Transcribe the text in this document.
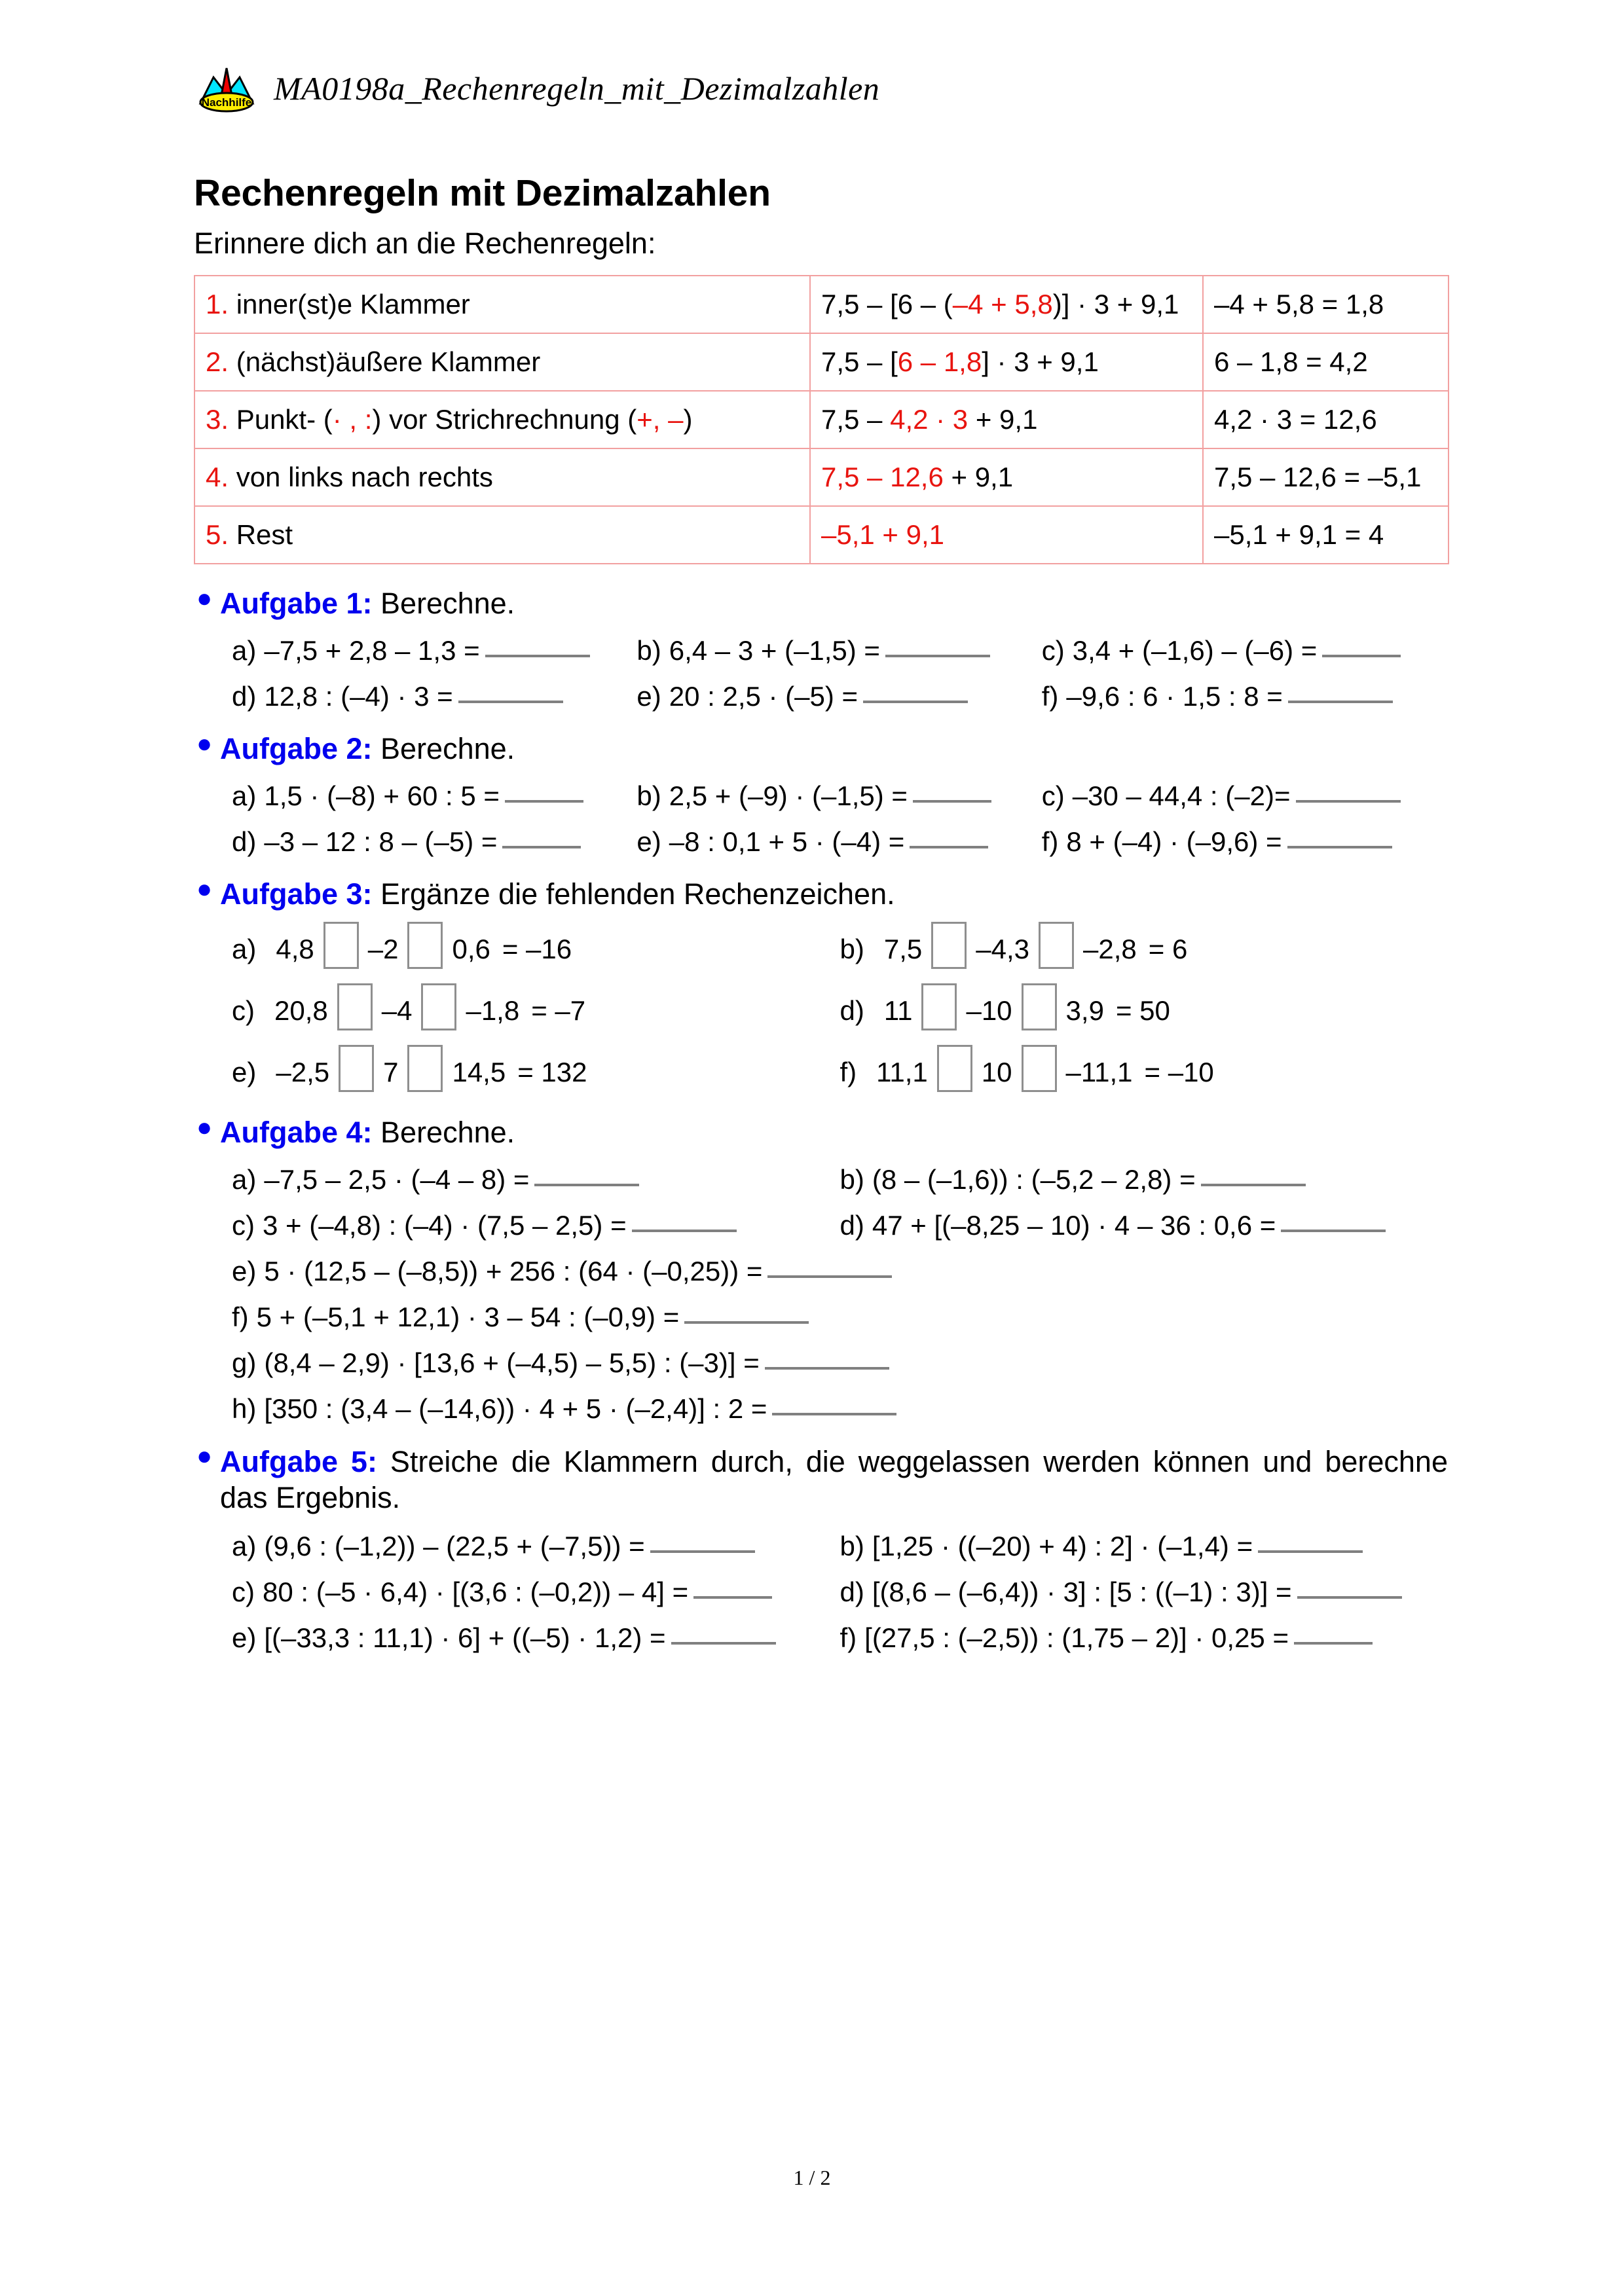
Nachhilfe MA0198a_Rechenregeln_mit_Dezimalzahlen
Rechenregeln mit Dezimalzahlen
Erinnere dich an die Rechenregeln:
1. inner(st)e Klammer	7,5 – [6 – (–4 + 5,8)] · 3 + 9,1	–4 + 5,8 = 1,8
2. (nächst)äußere Klammer	7,5 – [6 – 1,8] · 3 + 9,1	6 – 1,8 = 4,2
3. Punkt- (· , :) vor Strichrechnung (+, –)	7,5 – 4,2 · 3 + 9,1	4,2 · 3 = 12,6
4. von links nach rechts	7,5 – 12,6 + 9,1	7,5 – 12,6 = –5,1
5. Rest	–5,1 + 9,1	–5,1 + 9,1 = 4
● Aufgabe 1: Berechne.
a) –7,5 + 2,8 – 1,3 =	b) 6,4 – 3 + (–1,5) =	c) 3,4 + (–1,6) – (–6) =
d) 12,8 : (–4) · 3 =	e) 20 : 2,5 · (–5) =	f) –9,6 : 6 · 1,5 : 8 =
● Aufgabe 2: Berechne.
a) 1,5 · (–8) + 60 : 5 =	b) 2,5 + (–9) · (–1,5) =	c) –30 – 44,4 : (–2)=
d) –3 – 12 : 8 – (–5) =	e) –8 : 0,1 + 5 · (–4) =	f) 8 + (–4) · (–9,6) =
● Aufgabe 3: Ergänze die fehlenden Rechenzeichen.
a) 4,8 –2 0,6 = –16	b) 7,5 –4,3 –2,8 = 6
c) 20,8 –4 –1,8 = –7	d) 11 –10 3,9 = 50
e) –2,5 7 14,5 = 132	f) 11,1 10 –11,1 = –10
● Aufgabe 4: Berechne.
a) –7,5 – 2,5 · (–4 – 8) =	b) (8 – (–1,6)) : (–5,2 – 2,8) =
c) 3 + (–4,8) : (–4) · (7,5 – 2,5) =	d) 47 + [(–8,25 – 10) · 4 – 36 : 0,6 =
e) 5 · (12,5 – (–8,5)) + 256 : (64 · (–0,25)) =
f) 5 + (–5,1 + 12,1) · 3 – 54 : (–0,9) =
g) (8,4 – 2,9) · [13,6 + (–4,5) – 5,5) : (–3)] =
h) [350 : (3,4 – (–14,6)) · 4 + 5 · (–2,4)] : 2 =
● Aufgabe 5: Streiche die Klammern durch, die weggelassen werden können und berechne das Ergebnis.
a) (9,6 : (–1,2)) – (22,5 + (–7,5)) =	b) [1,25 · ((–20) + 4) : 2] · (–1,4) =
c) 80 : (–5 · 6,4) · [(3,6 : (–0,2)) – 4] =	d) [(8,6 – (–6,4)) · 3] : [5 : ((–1) : 3)] =
e) [(–33,3 : 11,1) · 6] + ((–5) · 1,2) =	f) [(27,5 : (–2,5)) : (1,75 – 2)] · 0,25 =
1 / 2
